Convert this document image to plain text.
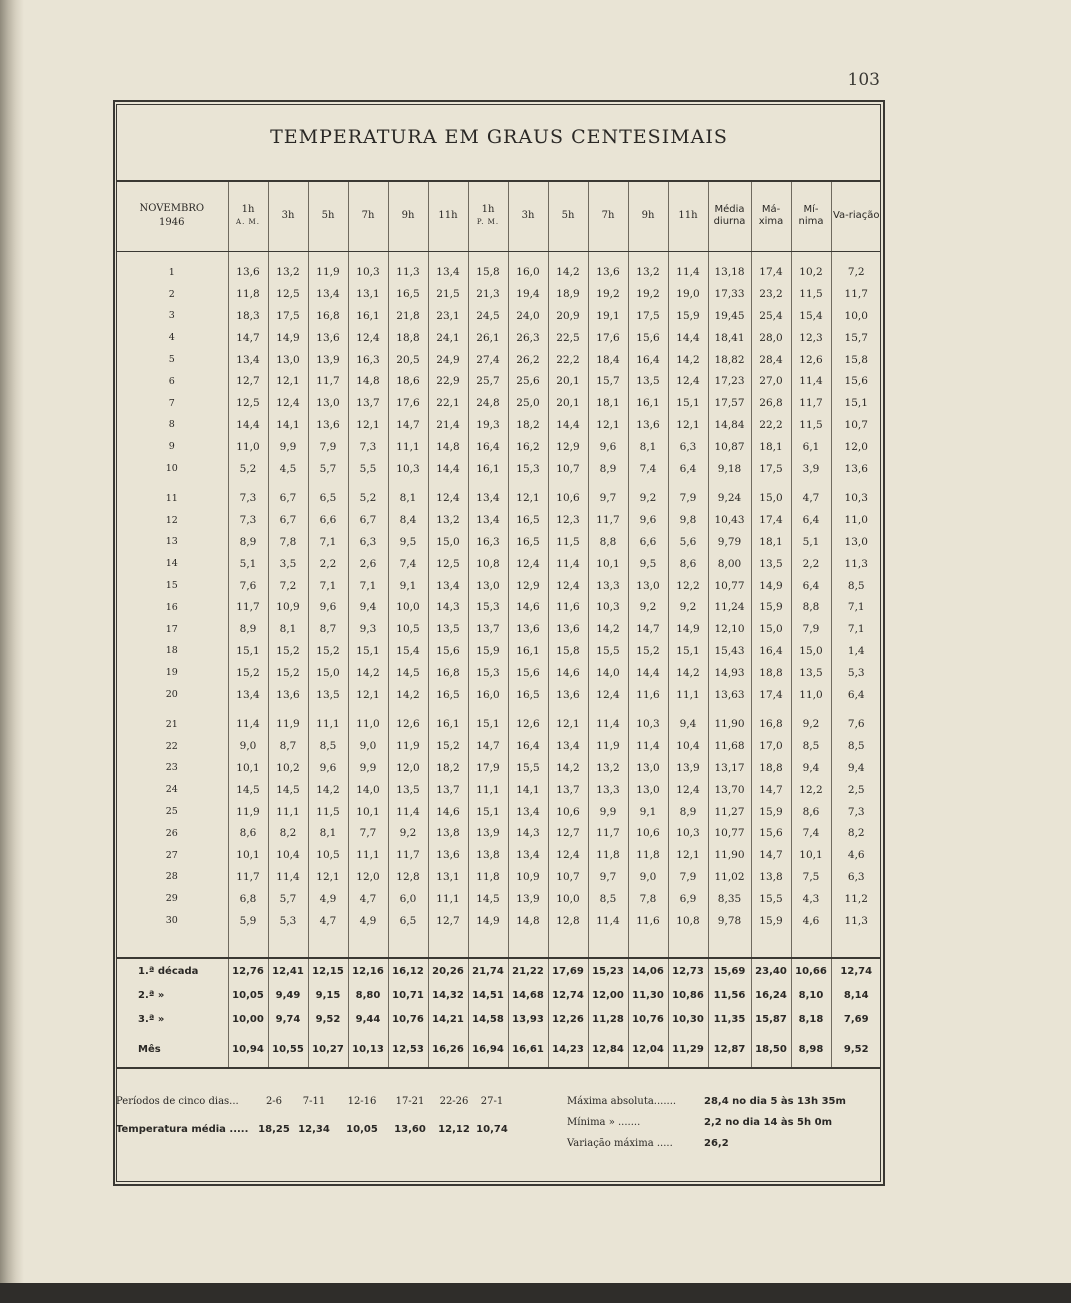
103
TEMPERATURA EM GRAUS CENTESIMAIS
NOVEMBRO
1946	1h
A. M.	3h	5h	7h	9h	11h	1h
P. M.	3h	5h	7h	9h	11h	Média diurna	Má-xima	Mí-nima	Va-riação

1	13,6	13,2	11,9	10,3	11,3	13,4	15,8	16,0	14,2	13,6	13,2	11,4	13,18	17,4	10,2	7,2
2	11,8	12,5	13,4	13,1	16,5	21,5	21,3	19,4	18,9	19,2	19,2	19,0	17,33	23,2	11,5	11,7
3	18,3	17,5	16,8	16,1	21,8	23,1	24,5	24,0	20,9	19,1	17,5	15,9	19,45	25,4	15,4	10,0
4	14,7	14,9	13,6	12,4	18,8	24,1	26,1	26,3	22,5	17,6	15,6	14,4	18,41	28,0	12,3	15,7
5	13,4	13,0	13,9	16,3	20,5	24,9	27,4	26,2	22,2	18,4	16,4	14,2	18,82	28,4	12,6	15,8
6	12,7	12,1	11,7	14,8	18,6	22,9	25,7	25,6	20,1	15,7	13,5	12,4	17,23	27,0	11,4	15,6
7	12,5	12,4	13,0	13,7	17,6	22,1	24,8	25,0	20,1	18,1	16,1	15,1	17,57	26,8	11,7	15,1
8	14,4	14,1	13,6	12,1	14,7	21,4	19,3	18,2	14,4	12,1	13,6	12,1	14,84	22,2	11,5	10,7
9	11,0	9,9	7,9	7,3	11,1	14,8	16,4	16,2	12,9	9,6	8,1	6,3	10,87	18,1	6,1	12,0
10	5,2	4,5	5,7	5,5	10,3	14,4	16,1	15,3	10,7	8,9	7,4	6,4	9,18	17,5	3,9	13,6

11	7,3	6,7	6,5	5,2	8,1	12,4	13,4	12,1	10,6	9,7	9,2	7,9	9,24	15,0	4,7	10,3
12	7,3	6,7	6,6	6,7	8,4	13,2	13,4	16,5	12,3	11,7	9,6	9,8	10,43	17,4	6,4	11,0
13	8,9	7,8	7,1	6,3	9,5	15,0	16,3	16,5	11,5	8,8	6,6	5,6	9,79	18,1	5,1	13,0
14	5,1	3,5	2,2	2,6	7,4	12,5	10,8	12,4	11,4	10,1	9,5	8,6	8,00	13,5	2,2	11,3
15	7,6	7,2	7,1	7,1	9,1	13,4	13,0	12,9	12,4	13,3	13,0	12,2	10,77	14,9	6,4	8,5
16	11,7	10,9	9,6	9,4	10,0	14,3	15,3	14,6	11,6	10,3	9,2	9,2	11,24	15,9	8,8	7,1
17	8,9	8,1	8,7	9,3	10,5	13,5	13,7	13,6	13,6	14,2	14,7	14,9	12,10	15,0	7,9	7,1
18	15,1	15,2	15,2	15,1	15,4	15,6	15,9	16,1	15,8	15,5	15,2	15,1	15,43	16,4	15,0	1,4
19	15,2	15,2	15,0	14,2	14,5	16,8	15,3	15,6	14,6	14,0	14,4	14,2	14,93	18,8	13,5	5,3
20	13,4	13,6	13,5	12,1	14,2	16,5	16,0	16,5	13,6	12,4	11,6	11,1	13,63	17,4	11,0	6,4

21	11,4	11,9	11,1	11,0	12,6	16,1	15,1	12,6	12,1	11,4	10,3	9,4	11,90	16,8	9,2	7,6
22	9,0	8,7	8,5	9,0	11,9	15,2	14,7	16,4	13,4	11,9	11,4	10,4	11,68	17,0	8,5	8,5
23	10,1	10,2	9,6	9,9	12,0	18,2	17,9	15,5	14,2	13,2	13,0	13,9	13,17	18,8	9,4	9,4
24	14,5	14,5	14,2	14,0	13,5	13,7	11,1	14,1	13,7	13,3	13,0	12,4	13,70	14,7	12,2	2,5
25	11,9	11,1	11,5	10,1	11,4	14,6	15,1	13,4	10,6	9,9	9,1	8,9	11,27	15,9	8,6	7,3
26	8,6	8,2	8,1	7,7	9,2	13,8	13,9	14,3	12,7	11,7	10,6	10,3	10,77	15,6	7,4	8,2
27	10,1	10,4	10,5	11,1	11,7	13,6	13,8	13,4	12,4	11,8	11,8	12,1	11,90	14,7	10,1	4,6
28	11,7	11,4	12,1	12,0	12,8	13,1	11,8	10,9	10,7	9,7	9,0	7,9	11,02	13,8	7,5	6,3
29	6,8	5,7	4,9	4,7	6,0	11,1	14,5	13,9	10,0	8,5	7,8	6,9	8,35	15,5	4,3	11,2
30	5,9	5,3	4,7	4,9	6,5	12,7	14,9	14,8	12,8	11,4	11,6	10,8	9,78	15,9	4,6	11,3

1.ª década	12,76	12,41	12,15	12,16	16,12	20,26	21,74	21,22	17,69	15,23	14,06	12,73	15,69	23,40	10,66	12,74
2.ª »	10,05	9,49	9,15	8,80	10,71	14,32	14,51	14,68	12,74	12,00	11,30	10,86	11,56	16,24	8,10	8,14
3.ª »	10,00	9,74	9,52	9,44	10,76	14,21	14,58	13,93	12,26	11,28	10,76	10,30	11,35	15,87	8,18	7,69
Mês	10,94	10,55	10,27	10,13	12,53	16,26	16,94	16,61	14,23	12,84	12,04	11,29	12,87	18,50	8,98	9,52
Períodos de cinco dias...	2-6	7-11	12-16	17-21	22-26	27-1
Temperatura média ..... 18,25 12,34	10,05	13,60	12,12 10,74
Máxima absoluta.......	28,4 no dia 5 às 13h 35m
Mínima » .......	2,2 no dia 14 às 5h 0m
Variação máxima .....	26,2
